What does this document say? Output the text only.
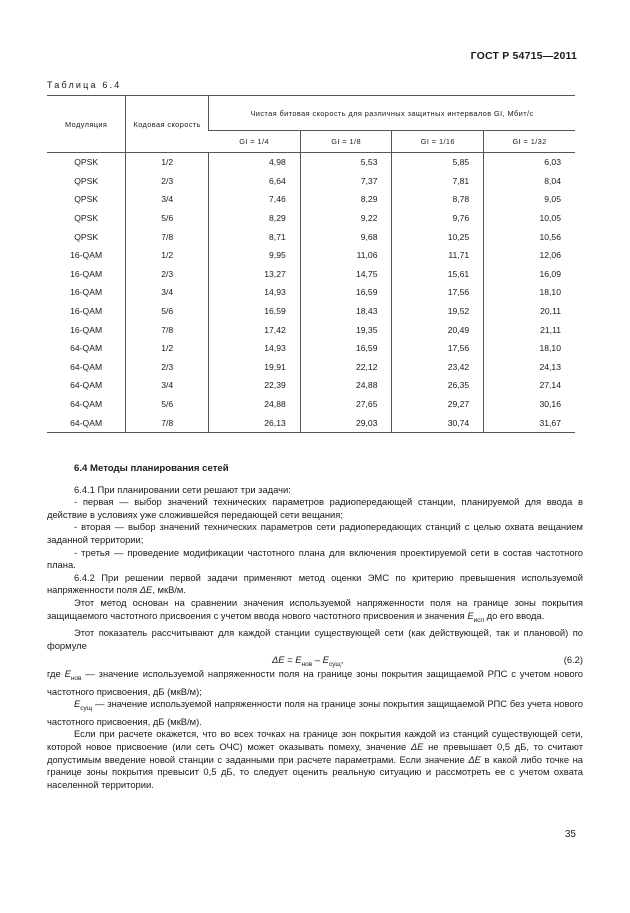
ГОСТ Р 54715—2011
Таблица 6.4
Модуляция	Кодовая скорость	Чистая битовая скорость для различных защитных интервалов GI, Мбит/с			
		GI = 1/4	GI = 1/8	GI = 1/16	GI = 1/32
QPSK	1/2	4,98	5,53	5,85	6,03
QPSK	2/3	6,64	7,37	7,81	8,04
QPSK	3/4	7,46	8,29	8,78	9,05
QPSK	5/6	8,29	9,22	9,76	10,05
QPSK	7/8	8,71	9,68	10,25	10,56
16-QAM	1/2	9,95	11,06	11,71	12,06
16-QAM	2/3	13,27	14,75	15,61	16,09
16-QAM	3/4	14,93	16,59	17,56	18,10
16-QAM	5/6	16,59	18,43	19,52	20,11
16-QAM	7/8	17,42	19,35	20,49	21,11
64-QAM	1/2	14,93	16,59	17,56	18,10
64-QAM	2/3	19,91	22,12	23,42	24,13
64-QAM	3/4	22,39	24,88	26,35	27,14
64-QAM	5/6	24,88	27,65	29,27	30,16
64-QAM	7/8	26,13	29,03	30,74	31,67

6.4 Методы планирования сетей

6.4.1 При планировании сети решают три задачи:

- первая — выбор значений технических параметров радиопередающей станции, планируемой для ввода в действие в условиях уже сложившейся передающей сети вещания;

- вторая — выбор значений технических параметров сети радиопередающих станций с целью охвата вещанием заданной территории;

- третья — проведение модификации частотного плана для включения проектируемой сети в состав частотного плана.

6.4.2 При решении первой задачи применяют метод оценки ЭМС по критерию превышения используемой напряженности поля ΔE, мкВ/м.

Этот метод основан на сравнении значения используемой напряженности поля на границе зоны покрытия защищаемого частотного присвоения с учетом ввода нового частотного присвоения и значения $E_{исп}$ до его ввода.

Этот показатель рассчитывают для каждой станции существующей сети (как действующей, так и плановой) по формуле

$\Delta E = E_{нов} - E_{сущ}$,	(6.2)

где $E_{нов}$ — значение используемой напряженности поля на границе зоны покрытия защищаемой РПС с учетом нового частотного присвоения, дБ (мкВ/м);

$E_{сущ}$ — значение используемой напряженности поля на границе зоны покрытия защищаемой РПС без учета нового частотного присвоения, дБ (мкВ/м).

Если при расчете окажется, что во всех точках на границе зон покрытия каждой из станций существующей сети, которой новое присвоение (или сеть ОЧС) может оказывать помеху, значение ΔE не превышает 0,5 дБ, то считают допустимым введение новой станции с заданными при расчете параметрами. Если значение ΔE в какой либо точке на границе зоны покрытия превысит 0,5 дБ, то следует оценить реальную ситуацию и рассмотреть ее с учетом охвата населенной территории.

35
